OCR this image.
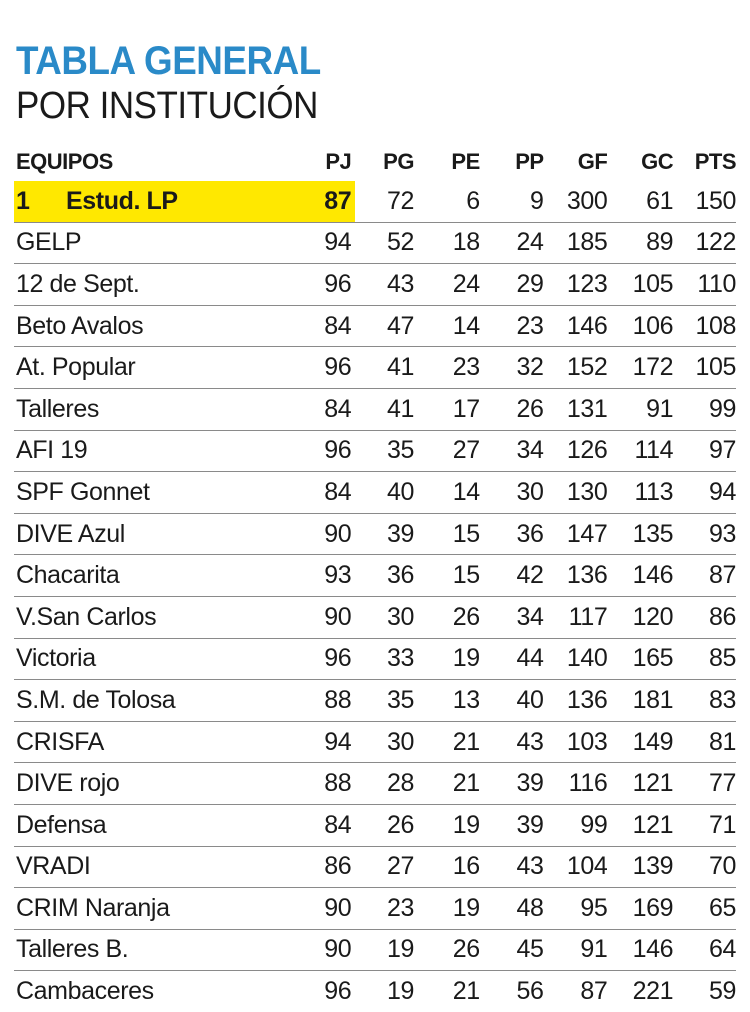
TABLA GENERAL
POR INSTITUCIÓN
EQUIPOS	PJ	PG	PE	PP	GF	GC	PTS
1 Estud. LP	87	72	6	9	300	61	150
GELP	94	52	18	24	185	89	122
12 de Sept.	96	43	24	29	123	105	110
Beto Avalos	84	47	14	23	146	106	108
At. Popular	96	41	23	32	152	172	105
Talleres	84	41	17	26	131	91	99
AFI 19	96	35	27	34	126	114	97
SPF Gonnet	84	40	14	30	130	113	94
DIVE Azul	90	39	15	36	147	135	93
Chacarita	93	36	15	42	136	146	87
V.San Carlos	90	30	26	34	117	120	86
Victoria	96	33	19	44	140	165	85
S.M. de Tolosa	88	35	13	40	136	181	83
CRISFA	94	30	21	43	103	149	81
DIVE rojo	88	28	21	39	116	121	77
Defensa	84	26	19	39	99	121	71
VRADI	86	27	16	43	104	139	70
CRIM Naranja	90	23	19	48	95	169	65
Talleres B.	90	19	26	45	91	146	64
Cambaceres	96	19	21	56	87	221	59
